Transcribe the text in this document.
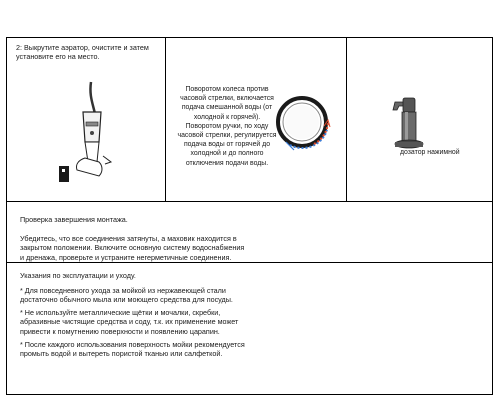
2: Выкрутите аэратор, очистите и затем
установите его на место.

Поворотом колеса против
часовой стрелки, включается
подача смешанной воды (от
холодной к горячей).
Поворотом ручки, по ходу
часовой стрелки, регулируется
подача воды от горячей до
холодной и до полного
отключения подачи воды.

дозатор нажимной

Проверка завершения монтажа.

Убедитесь, что все соединения затянуты, а маховик находится в
закрытом положении. Включите основную систему водоснабжения
и дренажа, проверьте и устраните негерметичные соединения.

Указания по эксплуатации и уходу.

* Для повседневного ухода за мойкой из нержавеющей стали
достаточно обычного мыла или моющего средства для посуды.

* Не используйте металлические щётки и мочалки, скребки,
абразивные чистящие средства и соду, т.к. их применение может
привести к помутнению поверхности и появлению царапин.

* После каждого использования поверхность мойки рекомендуется
промыть водой и вытереть пористой тканью или салфеткой.
